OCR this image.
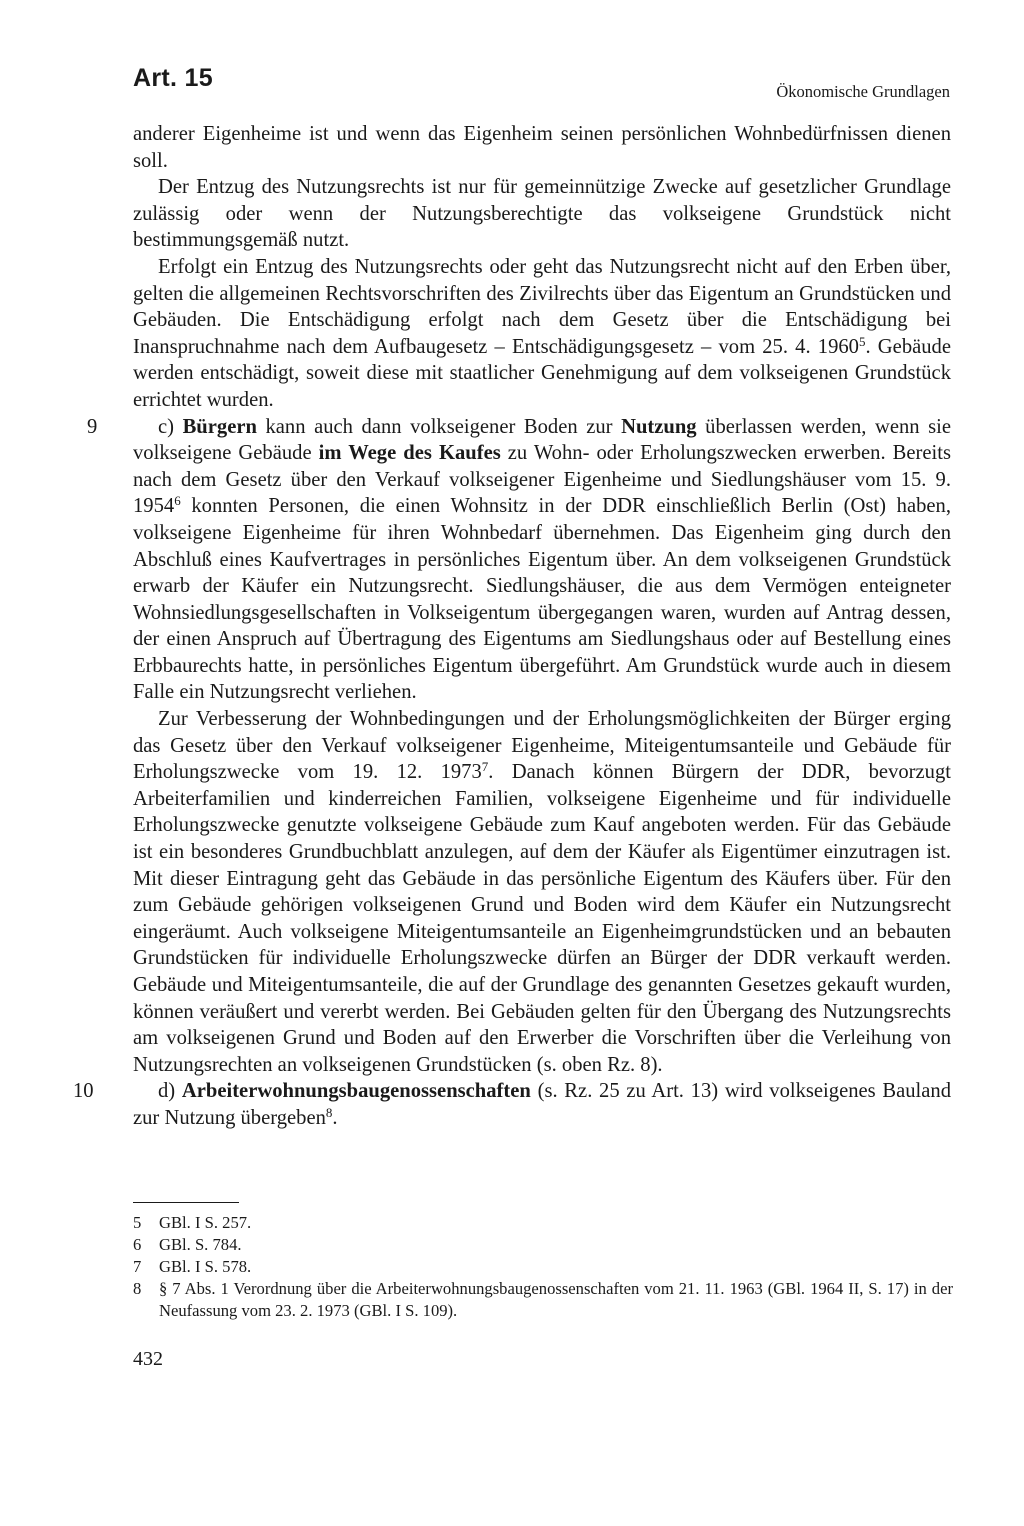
Art. 15	Ökonomische Grundlagen

anderer Eigenheime ist und wenn das Eigenheim seinen persönlichen Wohnbedürfnissen dienen soll.

Der Entzug des Nutzungsrechts ist nur für gemeinnützige Zwecke auf gesetzlicher Grundlage zulässig oder wenn der Nutzungsberechtigte das volkseigene Grundstück nicht bestimmungsgemäß nutzt.

Erfolgt ein Entzug des Nutzungsrechts oder geht das Nutzungsrecht nicht auf den Erben über, gelten die allgemeinen Rechtsvorschriften des Zivilrechts über das Eigentum an Grundstücken und Gebäuden. Die Entschädigung erfolgt nach dem Gesetz über die Entschädigung bei Inanspruchnahme nach dem Aufbaugesetz – Entschädigungsgesetz – vom 25. 4. 1960$^5$. Gebäude werden entschädigt, soweit diese mit staatlicher Genehmigung auf dem volkseigenen Grundstück errichtet wurden.

9	c) Bürgern kann auch dann volkseigener Boden zur Nutzung überlassen werden, wenn sie volkseigene Gebäude im Wege des Kaufes zu Wohn- oder Erholungszwecken erwerben. Bereits nach dem Gesetz über den Verkauf volkseigener Eigenheime und Siedlungshäuser vom 15. 9. 1954$^6$ konnten Personen, die einen Wohnsitz in der DDR einschließlich Berlin (Ost) haben, volkseigene Eigenheime für ihren Wohnbedarf übernehmen. Das Eigenheim ging durch den Abschluß eines Kaufvertrages in persönliches Eigentum über. An dem volkseigenen Grundstück erwarb der Käufer ein Nutzungsrecht. Siedlungshäuser, die aus dem Vermögen enteigneter Wohnsiedlungsgesellschaften in Volkseigentum übergegangen waren, wurden auf Antrag dessen, der einen Anspruch auf Übertragung des Eigentums am Siedlungshaus oder auf Bestellung eines Erbbaurechts hatte, in persönliches Eigentum übergeführt. Am Grundstück wurde auch in diesem Falle ein Nutzungsrecht verliehen.

Zur Verbesserung der Wohnbedingungen und der Erholungsmöglichkeiten der Bürger erging das Gesetz über den Verkauf volkseigener Eigenheime, Miteigentumsanteile und Gebäude für Erholungszwecke vom 19. 12. 1973$^7$. Danach können Bürgern der DDR, bevorzugt Arbeiterfamilien und kinderreichen Familien, volkseigene Eigenheime und für individuelle Erholungszwecke genutzte volkseigene Gebäude zum Kauf angeboten werden. Für das Gebäude ist ein besonderes Grundbuchblatt anzulegen, auf dem der Käufer als Eigentümer einzutragen ist. Mit dieser Eintragung geht das Gebäude in das persönliche Eigentum des Käufers über. Für den zum Gebäude gehörigen volkseigenen Grund und Boden wird dem Käufer ein Nutzungsrecht eingeräumt. Auch volkseigene Miteigentumsanteile an Eigenheimgrundstücken und an bebauten Grundstücken für individuelle Erholungszwecke dürfen an Bürger der DDR verkauft werden. Gebäude und Miteigentumsanteile, die auf der Grundlage des genannten Gesetzes gekauft wurden, können veräußert und vererbt werden. Bei Gebäuden gelten für den Übergang des Nutzungsrechts am volkseigenen Grund und Boden auf den Erwerber die Vorschriften über die Verleihung von Nutzungsrechten an volkseigenen Grundstücken (s. oben Rz. 8).

10	d) Arbeiterwohnungsbaugenossenschaften (s. Rz. 25 zu Art. 13) wird volkseigenes Bauland zur Nutzung übergeben$^8$.

5 GBl. I S. 257.
6 GBl. S. 784.
7 GBl. I S. 578.
8 § 7 Abs. 1 Verordnung über die Arbeiterwohnungsbaugenossenschaften vom 21. 11. 1963 (GBl. 1964 II, S. 17) in der Neufassung vom 23. 2. 1973 (GBl. I S. 109).
432
